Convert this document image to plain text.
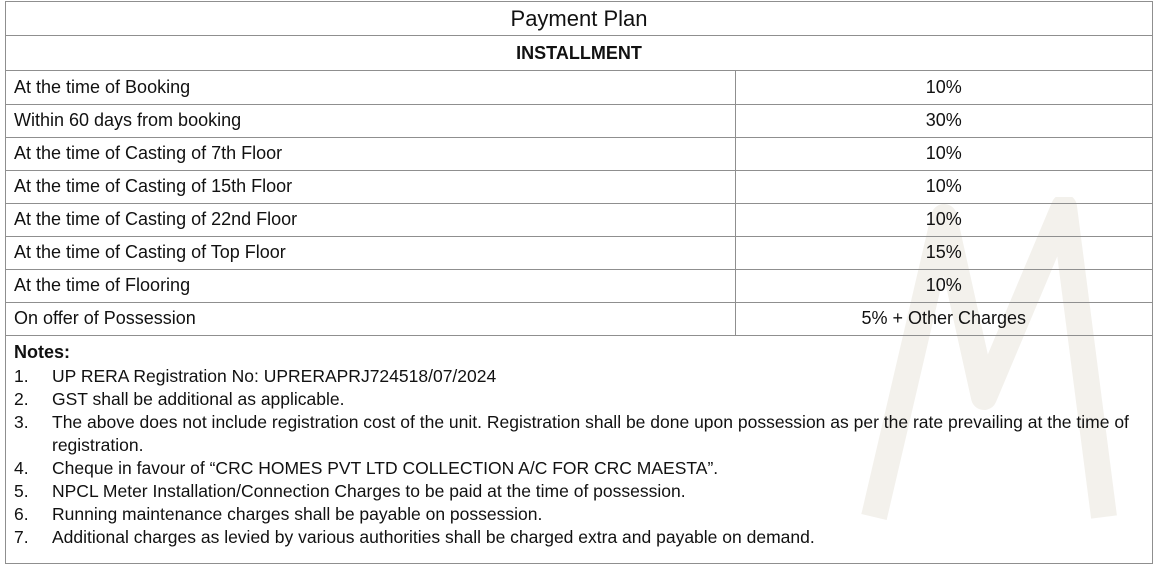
Payment Plan
INSTALLMENT
At the time of Booking	10%
Within 60 days from booking	30%
At the time of Casting of 7th Floor	10%
At the time of Casting of 15th Floor	10%
At the time of Casting of 22nd Floor	10%
At the time of Casting of Top Floor	15%
At the time of Flooring	10%
On offer of Possession	5% + Other Charges
Notes:
1.	UP RERA Registration No: UPRERAPRJ724518/07/2024
2.	GST shall be additional as applicable.
3.	The above does not include registration cost of the unit. Registration shall be done upon possession as per the rate prevailing at the time of registration.
4.	Cheque in favour of “CRC HOMES PVT LTD COLLECTION A/C FOR CRC MAESTA”.
5.	NPCL Meter Installation/Connection Charges to be paid at the time of possession.
6.	Running maintenance charges shall be payable on possession.
7.	Additional charges as levied by various authorities shall be charged extra and payable on demand.
